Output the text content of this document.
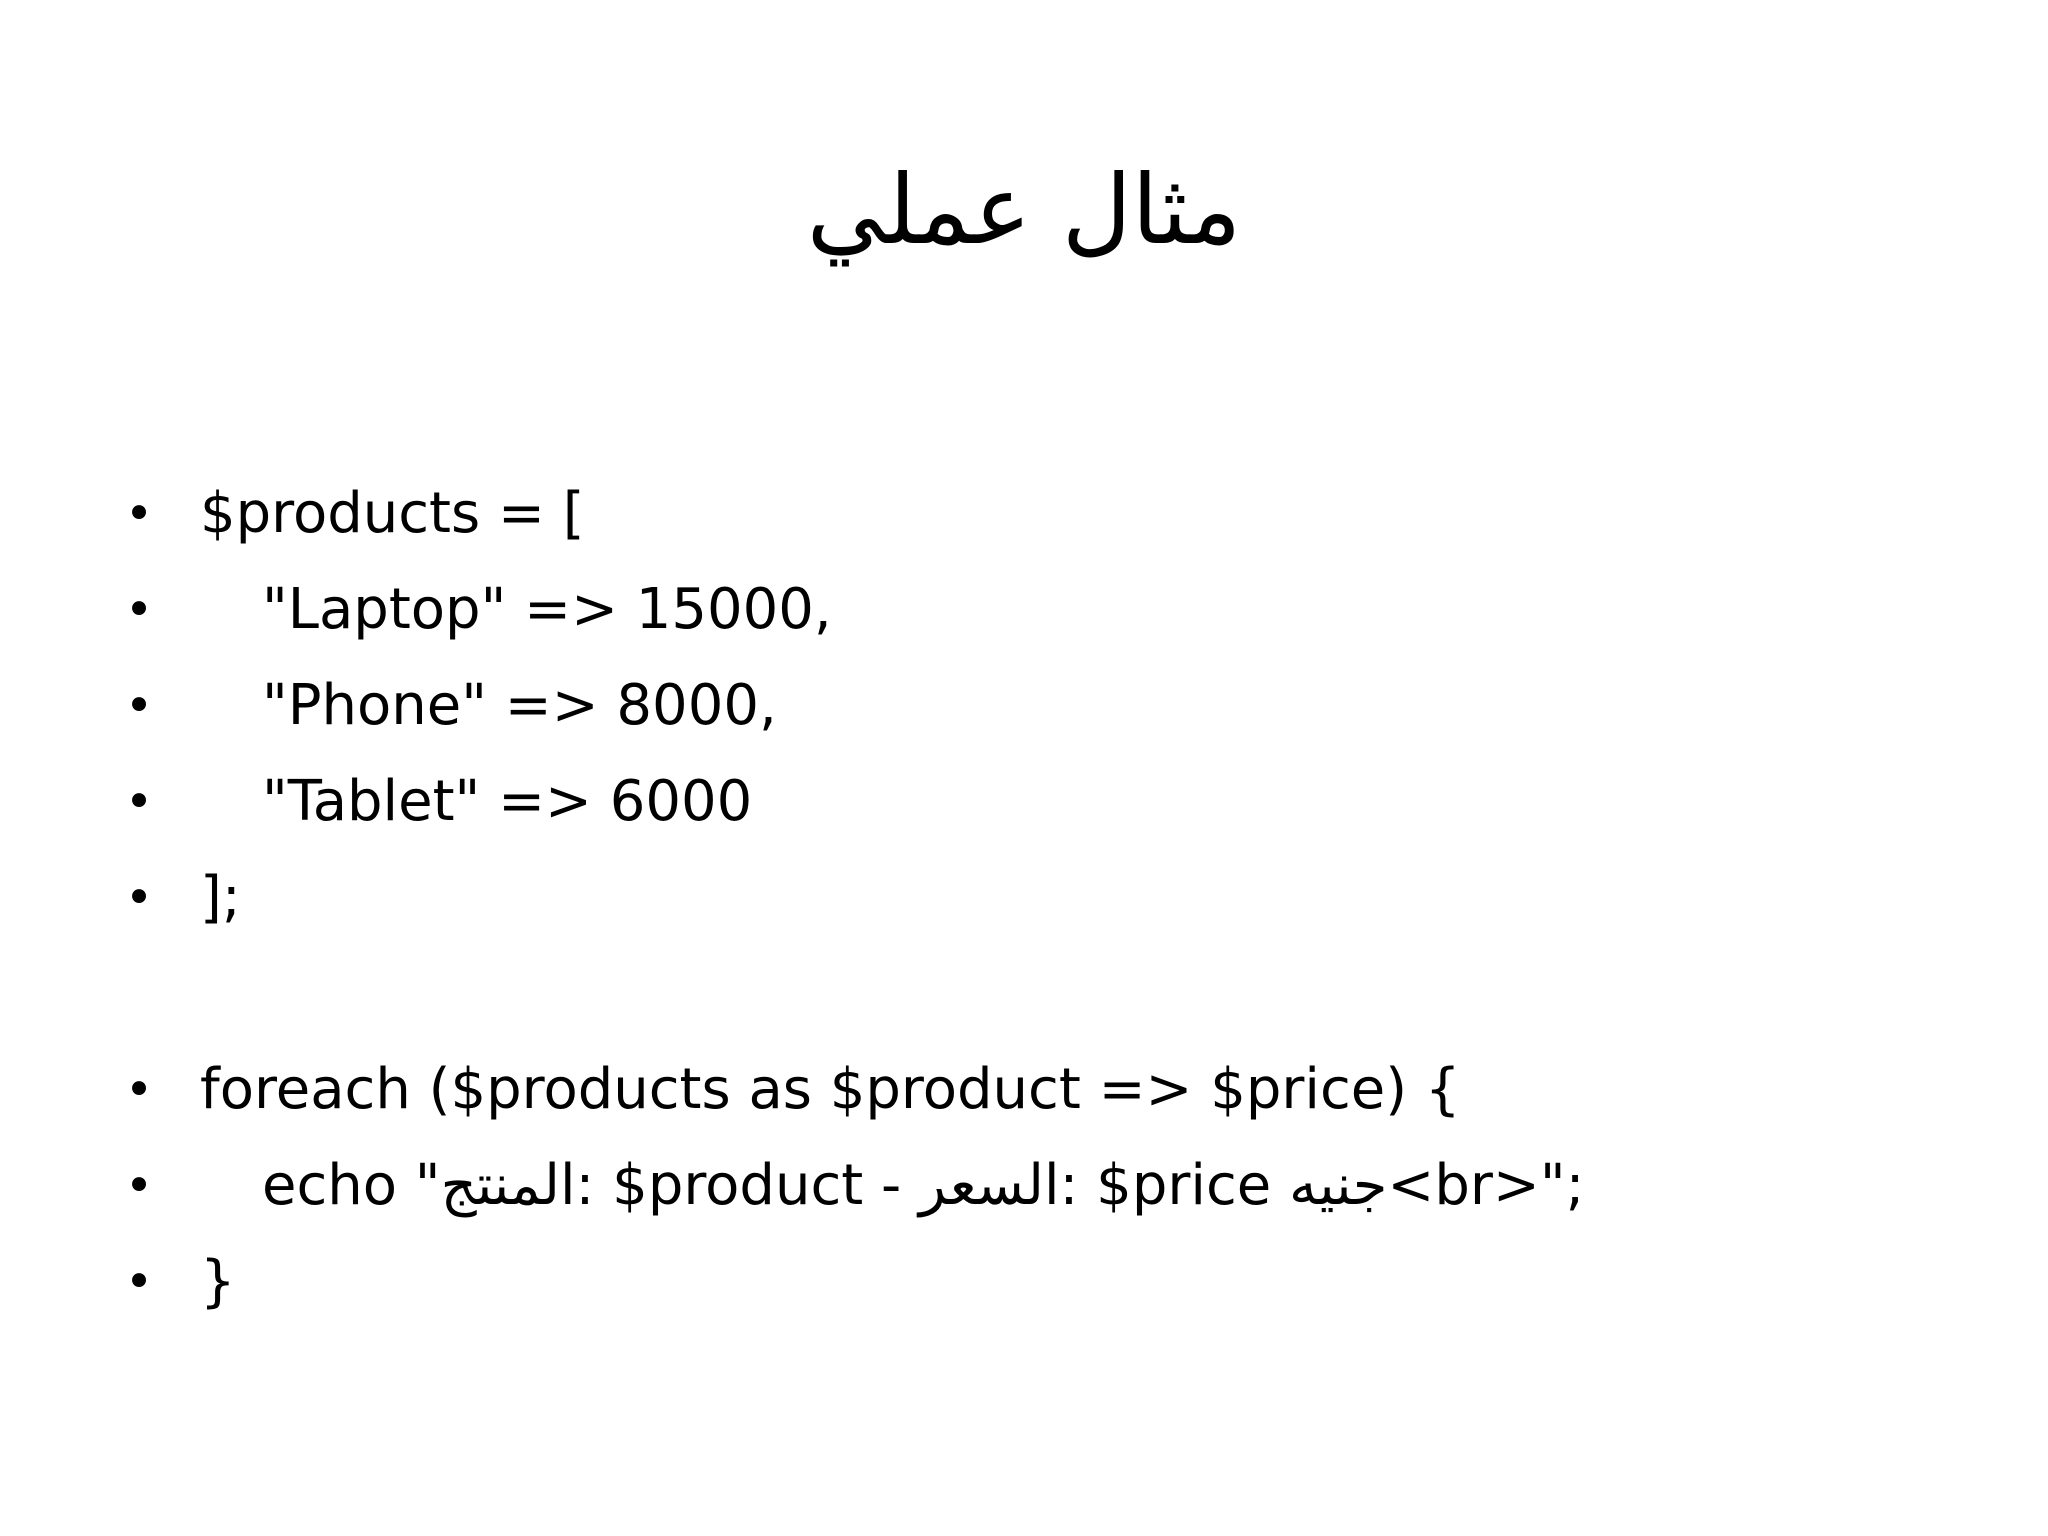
مثال عملي

•

$products = [

•

"Laptop" => 15000,

•

"Phone" => 8000,

•

"Tablet" => 6000

•

];

•

foreach ($products as $product => $price) {

•

echo "المنتج: $product - السعر: $price جنيه<br>";

•

}
